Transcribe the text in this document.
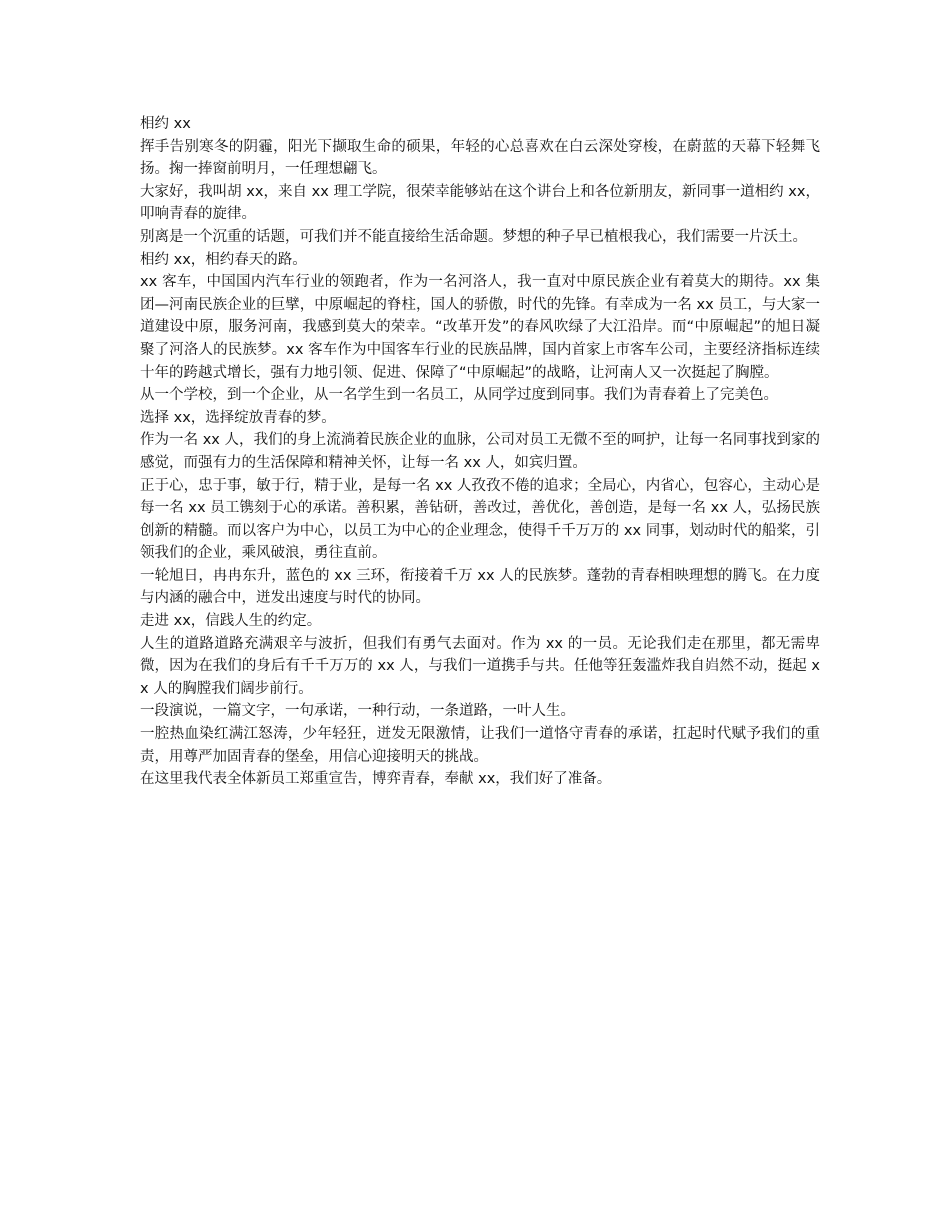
相约 xx

挥手告别寒冬的阴霾，阳光下撷取生命的硕果，年轻的心总喜欢在白云深处穿梭，在蔚蓝的天幕下轻舞飞扬。掬一捧窗前明月，一任理想翩飞。

大家好，我叫胡 xx，来自 xx 理工学院，很荣幸能够站在这个讲台上和各位新朋友，新同事一道相约 xx，叩响青春的旋律。

别离是一个沉重的话题，可我们并不能直接给生活命题。梦想的种子早已植根我心，我们需要一片沃土。

相约 xx，相约春天的路。

xx 客车，中国国内汽车行业的领跑者，作为一名河洛人，我一直对中原民族企业有着莫大的期待。xx 集团—河南民族企业的巨擘，中原崛起的脊柱，国人的骄傲，时代的先锋。有幸成为一名 xx 员工，与大家一道建设中原，服务河南，我感到莫大的荣幸。“改革开发”的春风吹绿了大江沿岸。而“中原崛起”的旭日凝聚了河洛人的民族梦。xx 客车作为中国客车行业的民族品牌，国内首家上市客车公司，主要经济指标连续十年的跨越式增长，强有力地引领、促进、保障了“中原崛起”的战略，让河南人又一次挺起了胸膛。

从一个学校，到一个企业，从一名学生到一名员工，从同学过度到同事。我们为青春着上了完美色。

选择 xx，选择绽放青春的梦。

作为一名 xx 人，我们的身上流淌着民族企业的血脉，公司对员工无微不至的呵护，让每一名同事找到家的感觉，而强有力的生活保障和精神关怀，让每一名 xx 人，如宾归置。

正于心，忠于事，敏于行，精于业，是每一名 xx 人孜孜不倦的追求；全局心，内省心，包容心，主动心是每一名 xx 员工镌刻于心的承诺。善积累，善钻研，善改过，善优化，善创造，是每一名 xx 人，弘扬民族创新的精髓。而以客户为中心，以员工为中心的企业理念，使得千千万万的 xx 同事，划动时代的船桨，引领我们的企业，乘风破浪，勇往直前。

一轮旭日，冉冉东升，蓝色的 xx 三环，衔接着千万 xx 人的民族梦。蓬勃的青春相映理想的腾飞。在力度与内涵的融合中，迸发出速度与时代的协同。

走进 xx，信践人生的约定。

人生的道路道路充满艰辛与波折，但我们有勇气去面对。作为 xx 的一员。无论我们走在那里，都无需卑微，因为在我们的身后有千千万万的 xx 人，与我们一道携手与共。任他等狂轰滥炸我自岿然不动，挺起 xx 人的胸膛我们阔步前行。

一段演说，一篇文字，一句承诺，一种行动，一条道路，一叶人生。

一腔热血染红满江怒涛，少年轻狂，迸发无限激情，让我们一道恪守青春的承诺，扛起时代赋予我们的重责，用尊严加固青春的堡垒，用信心迎接明天的挑战。

在这里我代表全体新员工郑重宣告，博弈青春，奉献 xx，我们好了准备。
